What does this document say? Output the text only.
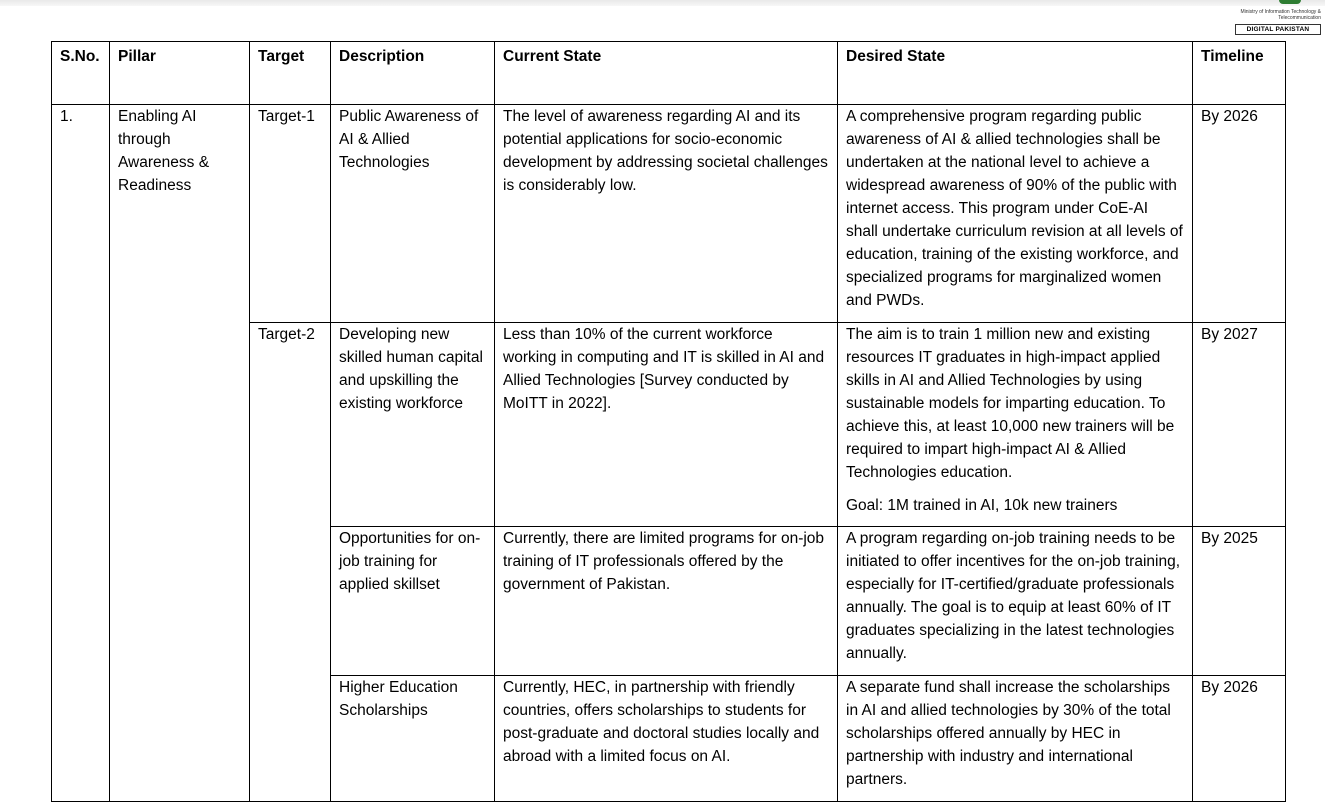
Ministry of Information Technology & Telecommunication
DIGITAL PAKISTAN
S.No.	Pillar	Target	Description	Current State	Desired State	Timeline
1.	Enabling AI through Awareness & Readiness	Target-1	Public Awareness of AI & Allied Technologies	The level of awareness regarding AI and its potential applications for socio-economic development by addressing societal challenges is considerably low.	A comprehensive program regarding public awareness of AI & allied technologies shall be undertaken at the national level to achieve a widespread awareness of 90% of the public with internet access. This program under CoE-AI shall undertake curriculum revision at all levels of education, training of the existing workforce, and specialized programs for marginalized women and PWDs.	By 2026
		Target-2	Developing new skilled human capital and upskilling the existing workforce	Less than 10% of the current workforce working in computing and IT is skilled in AI and Allied Technologies [Survey conducted by MoITT in 2022].	The aim is to train 1 million new and existing resources IT graduates in high-impact applied skills in AI and Allied Technologies by using sustainable models for imparting education. To achieve this, at least 10,000 new trainers will be required to impart high-impact AI & Allied Technologies education.
Goal: 1M trained in AI, 10k new trainers	By 2027
			Opportunities for on-job training for applied skillset	Currently, there are limited programs for on-job training of IT professionals offered by the government of Pakistan.	A program regarding on-job training needs to be initiated to offer incentives for the on-job training, especially for IT-certified/graduate professionals annually. The goal is to equip at least 60% of IT graduates specializing in the latest technologies annually.	By 2025
			Higher Education Scholarships	Currently, HEC, in partnership with friendly countries, offers scholarships to students for post-graduate and doctoral studies locally and abroad with a limited focus on AI.	A separate fund shall increase the scholarships in AI and allied technologies by 30% of the total scholarships offered annually by HEC in partnership with industry and international partners.	By 2026
